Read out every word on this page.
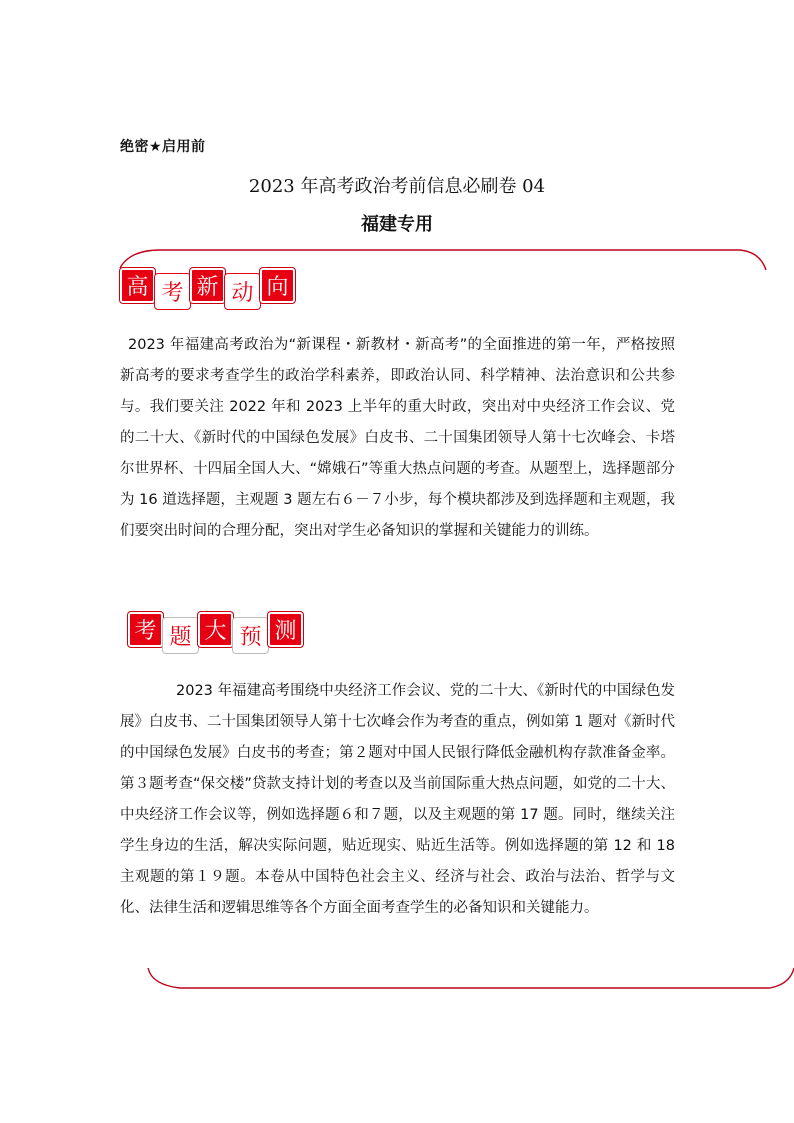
绝密★启用前
2023 年高考政治考前信息必刷卷 04
福建专用
高 考 新 动 向
2023 年福建高考政治为“新课程・新教材・新高考”的全面推进的第一年，严格按照新高考的要求考查学生的政治学科素养，即政治认同、科学精神、法治意识和公共参与。我们要关注 2022 年和 2023 上半年的重大时政，突出对中央经济工作会议、党的二十大、《新时代的中国绿色发展》白皮书、二十国集团领导人第十七次峰会、卡塔尔世界杯、十四届全国人大、“嫦娥石”等重大热点问题的考查。从题型上，选择题部分为 16 道选择题，主观题 3 题左右６－７小步，每个模块都涉及到选择题和主观题，我们要突出时间的合理分配，突出对学生必备知识的掌握和关键能力的训练。
考 题 大 预 测
2023 年福建高考围绕中央经济工作会议、党的二十大、《新时代的中国绿色发展》白皮书、二十国集团领导人第十七次峰会作为考查的重点，例如第 1 题对《新时代的中国绿色发展》白皮书的考查；第２题对中国人民银行降低金融机构存款准备金率。第３题考查“保交楼”贷款支持计划的考查以及当前国际重大热点问题，如党的二十大、中央经济工作会议等，例如选择题６和７题，以及主观题的第 17 题。同时，继续关注学生身边的生活，解决实际问题，贴近现实、贴近生活等。例如选择题的第 12 和 18 主观题的第１９题。本卷从中国特色社会主义、经济与社会、政治与法治、哲学与文化、法律生活和逻辑思维等各个方面全面考查学生的必备知识和关键能力。
